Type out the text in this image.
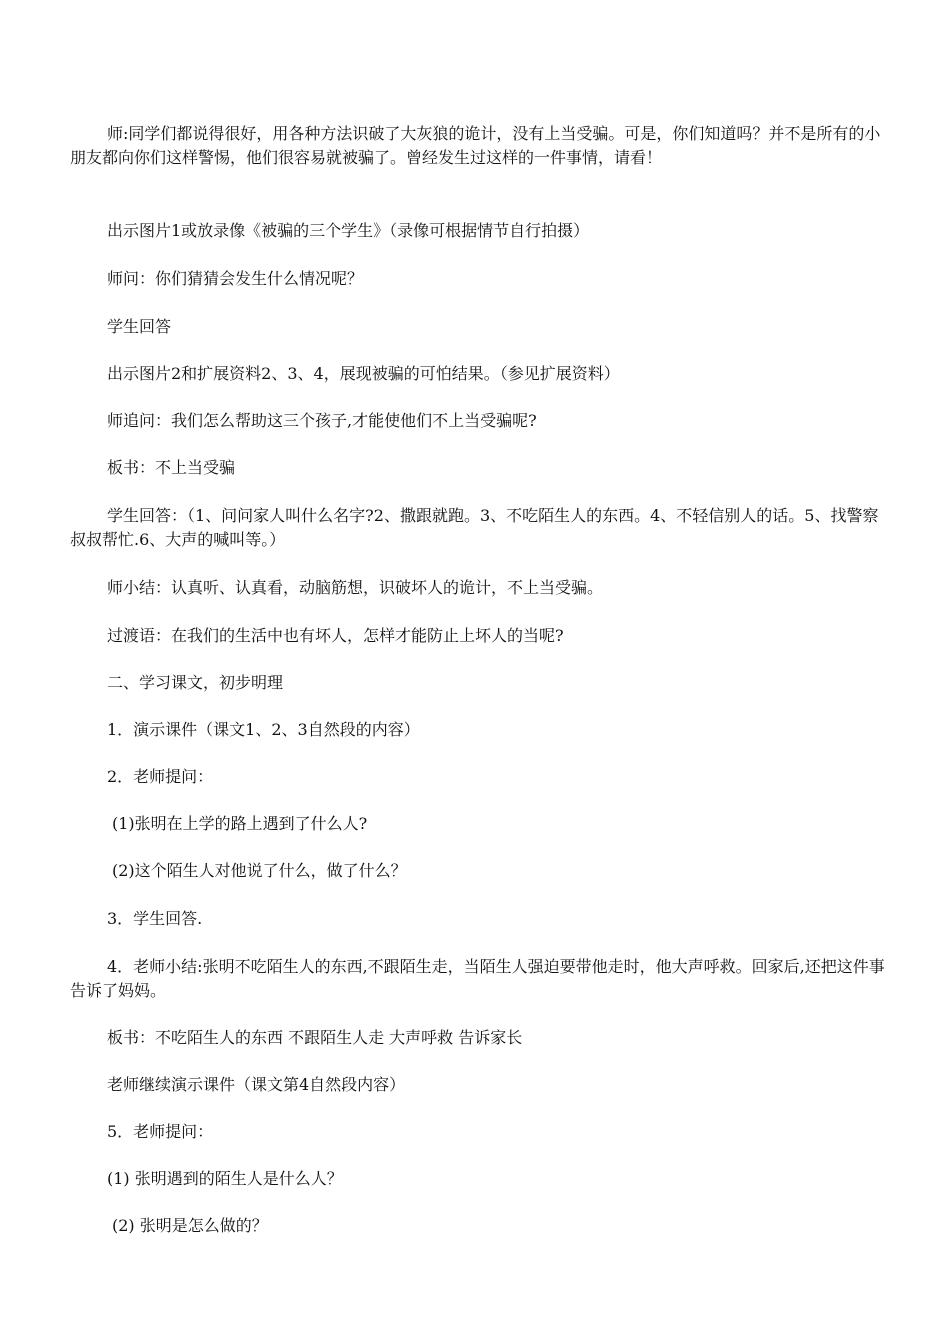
师:同学们都说得很好，用各种方法识破了大灰狼的诡计，没有上当受骗。可是，你们知道吗？并不是所有的小朋友都向你们这样警惕，他们很容易就被骗了。曾经发生过这样的一件事情，请看！

出示图片1或放录像《被骗的三个学生》（录像可根据情节自行拍摄）

师问：你们猜猜会发生什么情况呢？

学生回答

出示图片2和扩展资料2、3、4，展现被骗的可怕结果。（参见扩展资料）

师追问：我们怎么帮助这三个孩子,才能使他们不上当受骗呢?

板书：不上当受骗

学生回答：（1、问问家人叫什么名字?2、撒跟就跑。3、不吃陌生人的东西。4、不轻信别人的话。5、找警察叔叔帮忙.6、大声的喊叫等。）

师小结：认真听、认真看，动脑筋想，识破坏人的诡计，不上当受骗。

过渡语：在我们的生活中也有坏人，怎样才能防止上坏人的当呢?

二、学习课文，初步明理

1．演示课件（课文1、2、3自然段的内容）

2．老师提问：

(1)张明在上学的路上遇到了什么人?

(2)这个陌生人对他说了什么，做了什么？

3．学生回答.

4．老师小结:张明不吃陌生人的东西,不跟陌生走，当陌生人强迫要带他走时，他大声呼救。回家后,还把这件事告诉了妈妈。

板书：不吃陌生人的东西 不跟陌生人走 大声呼救 告诉家长

老师继续演示课件（课文第4自然段内容）

5．老师提问：

(1) 张明遇到的陌生人是什么人？

(2) 张明是怎么做的？
